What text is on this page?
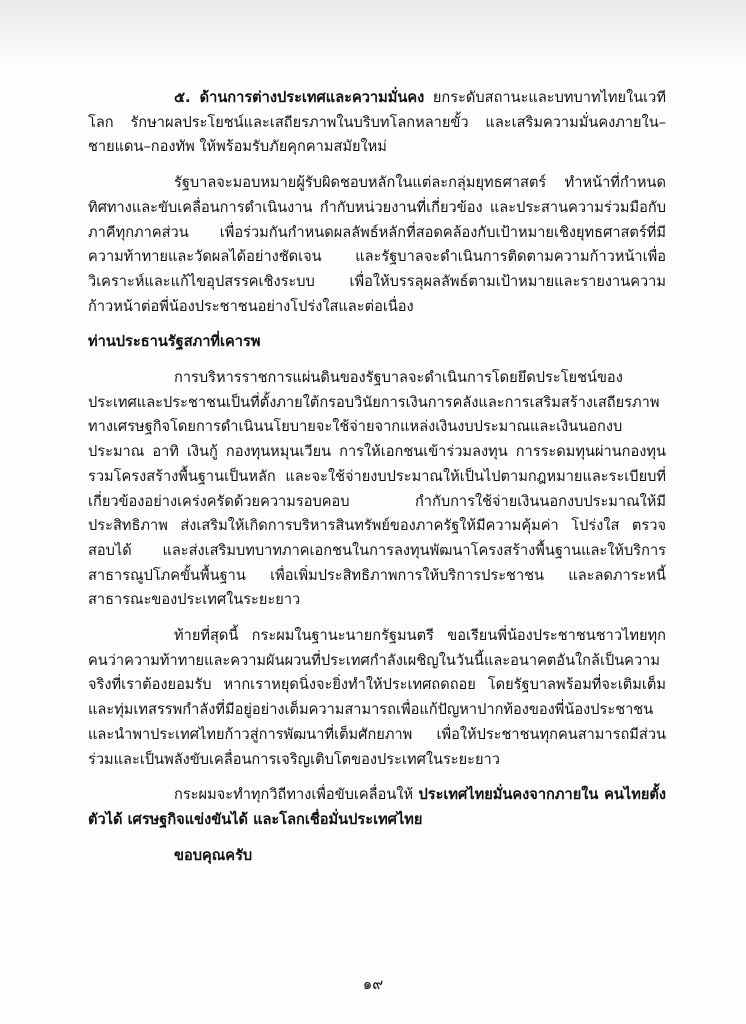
๕. ด้านการต่างประเทศและความมั่นคง ยกระดับสถานะและบทบาทไทยในเวทีโลก รักษาผลประโยชน์และเสถียรภาพในบริบทโลกหลายขั้ว และเสริมความมั่นคงภายใน–ชายแดน–กองทัพ ให้พร้อมรับภัยคุกคามสมัยใหม่

รัฐบาลจะมอบหมายผู้รับผิดชอบหลักในแต่ละกลุ่มยุทธศาสตร์ ทำหน้าที่กำหนดทิศทางและขับเคลื่อนการดำเนินงาน กำกับหน่วยงานที่เกี่ยวข้อง และประสานความร่วมมือกับภาคีทุกภาคส่วน เพื่อร่วมกันกำหนดผลลัพธ์หลักที่สอดคล้องกับเป้าหมายเชิงยุทธศาสตร์ที่มีความท้าทายและวัดผลได้อย่างชัดเจน และรัฐบาลจะดำเนินการติดตามความก้าวหน้าเพื่อวิเคราะห์และแก้ไขอุปสรรคเชิงระบบ เพื่อให้บรรลุผลลัพธ์ตามเป้าหมายและรายงานความก้าวหน้าต่อพี่น้องประชาชนอย่างโปร่งใสและต่อเนื่อง

ท่านประธานรัฐสภาที่เคารพ

การบริหารราชการแผ่นดินของรัฐบาลจะดำเนินการโดยยึดประโยชน์ของประเทศและประชาชนเป็นที่ตั้งภายใต้กรอบวินัยการเงินการคลังและการเสริมสร้างเสถียรภาพทางเศรษฐกิจโดยการดำเนินนโยบายจะใช้จ่ายจากแหล่งเงินงบประมาณและเงินนอกงบประมาณ อาทิ เงินกู้ กองทุนหมุนเวียน การให้เอกชนเข้าร่วมลงทุน การระดมทุนผ่านกองทุนรวมโครงสร้างพื้นฐานเป็นหลัก และจะใช้จ่ายงบประมาณให้เป็นไปตามกฎหมายและระเบียบที่เกี่ยวข้องอย่างเคร่งครัดด้วยความรอบคอบ กำกับการใช้จ่ายเงินนอกงบประมาณให้มีประสิทธิภาพ ส่งเสริมให้เกิดการบริหารสินทรัพย์ของภาครัฐให้มีความคุ้มค่า โปร่งใส ตรวจสอบได้ และส่งเสริมบทบาทภาคเอกชนในการลงทุนพัฒนาโครงสร้างพื้นฐานและให้บริการสาธารณูปโภคขั้นพื้นฐาน เพื่อเพิ่มประสิทธิภาพการให้บริการประชาชน และลดภาระหนี้สาธารณะของประเทศในระยะยาว

ท้ายที่สุดนี้ กระผมในฐานะนายกรัฐมนตรี ขอเรียนพี่น้องประชาชนชาวไทยทุกคนว่าความท้าทายและความผันผวนที่ประเทศกำลังเผชิญในวันนี้และอนาคตอันใกล้เป็นความจริงที่เราต้องยอมรับ หากเราหยุดนิ่งจะยิ่งทำให้ประเทศถดถอย โดยรัฐบาลพร้อมที่จะเติมเต็มและทุ่มเทสรรพกำลังที่มีอยู่อย่างเต็มความสามารถเพื่อแก้ปัญหาปากท้องของพี่น้องประชาชนและนำพาประเทศไทยก้าวสู่การพัฒนาที่เต็มศักยภาพ เพื่อให้ประชาชนทุกคนสามารถมีส่วนร่วมและเป็นพลังขับเคลื่อนการเจริญเติบโตของประเทศในระยะยาว

กระผมจะทำทุกวิถีทางเพื่อขับเคลื่อนให้ ประเทศไทยมั่นคงจากภายใน คนไทยตั้งตัวได้ เศรษฐกิจแข่งขันได้ และโลกเชื่อมั่นประเทศไทย

ขอบคุณครับ

๑๙
